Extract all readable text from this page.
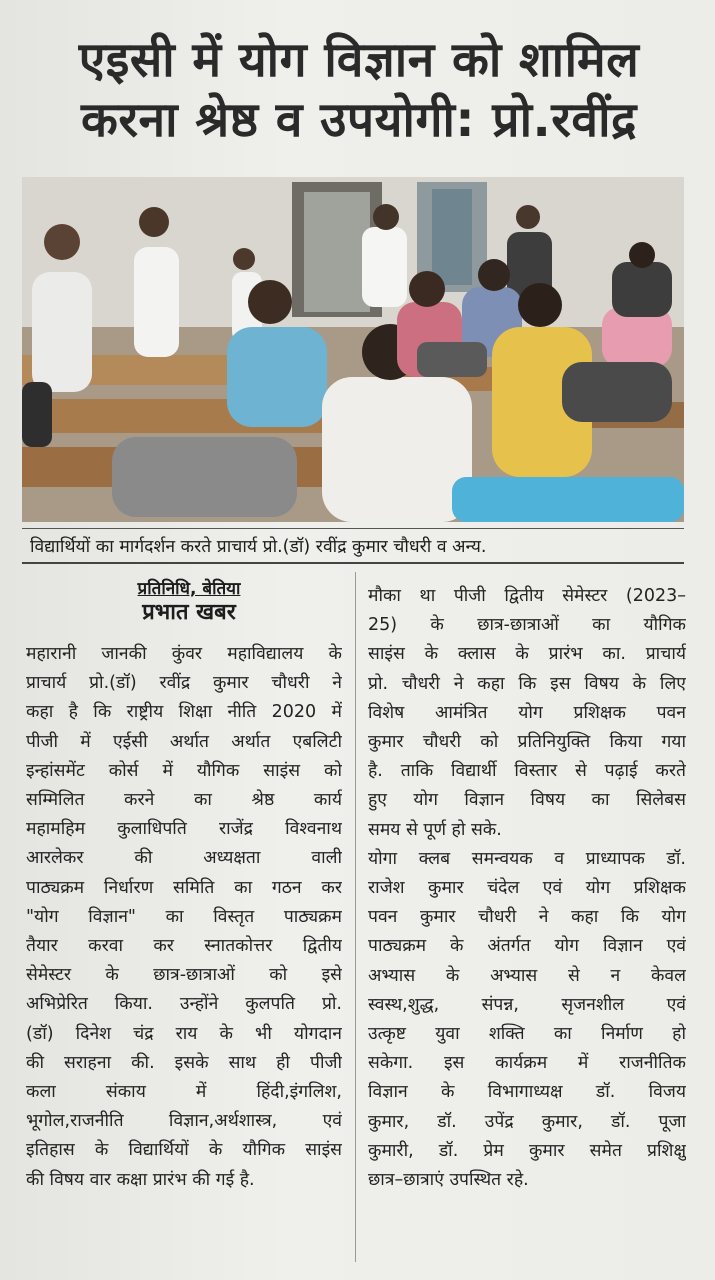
एइसी में योग विज्ञान को शामिल
करना श्रेष्ठ व उपयोगी: प्रो.रवींद्र
विद्यार्थियों का मार्गदर्शन करते प्राचार्य प्रो.(डॉ) रवींद्र कुमार चौधरी व अन्य.
प्रतिनिधि, बेतिया
प्रभात खबर
महारानी जानकी कुंवर महाविद्यालय के
प्राचार्य प्रो.(डॉ) रवींद्र कुमार चौधरी ने
कहा है कि राष्ट्रीय शिक्षा नीति 2020 में
पीजी में एईसी अर्थात अर्थात एबलिटी
इन्हांसमेंट कोर्स में यौगिक साइंस को
सम्मिलित करने का श्रेष्ठ कार्य
महामहिम कुलाधिपति राजेंद्र विश्वनाथ
आरलेकर की अध्यक्षता वाली
पाठ्यक्रम निर्धारण समिति का गठन कर
"योग विज्ञान" का विस्तृत पाठ्यक्रम
तैयार करवा कर स्नातकोत्तर द्वितीय
सेमेस्टर के छात्र-छात्राओं को इसे
अभिप्रेरित किया. उन्होंने कुलपति प्रो.
(डॉ) दिनेश चंद्र राय के भी योगदान
की सराहना की. इसके साथ ही पीजी
कला संकाय में हिंदी,इंगलिश,
भूगोल,राजनीति विज्ञान,अर्थशास्त्र, एवं
इतिहास के विद्यार्थियों के यौगिक साइंस
की विषय वार कक्षा प्रारंभ की गई है.
मौका था पीजी द्वितीय सेमेस्टर (2023–
25) के छात्र-छात्राओं का यौगिक
साइंस के क्लास के प्रारंभ का. प्राचार्य
प्रो. चौधरी ने कहा कि इस विषय के लिए
विशेष आमंत्रित योग प्रशिक्षक पवन
कुमार चौधरी को प्रतिनियुक्ति किया गया
है. ताकि विद्यार्थी विस्तार से पढ़ाई करते
हुए योग विज्ञान विषय का सिलेबस
समय से पूर्ण हो सके.
योगा क्लब समन्वयक व प्राध्यापक डॉ.
राजेश कुमार चंदेल एवं योग प्रशिक्षक
पवन कुमार चौधरी ने कहा कि योग
पाठ्यक्रम के अंतर्गत योग विज्ञान एवं
अभ्यास के अभ्यास से न केवल
स्वस्थ,शुद्ध, संपन्न, सृजनशील एवं
उत्कृष्ट युवा शक्ति का निर्माण हो
सकेगा. इस कार्यक्रम में राजनीतिक
विज्ञान के विभागाध्यक्ष डॉ. विजय
कुमार, डॉ. उपेंद्र कुमार, डॉ. पूजा
कुमारी, डॉ. प्रेम कुमार समेत प्रशिक्षु
छात्र–छात्राएं उपस्थित रहे.
